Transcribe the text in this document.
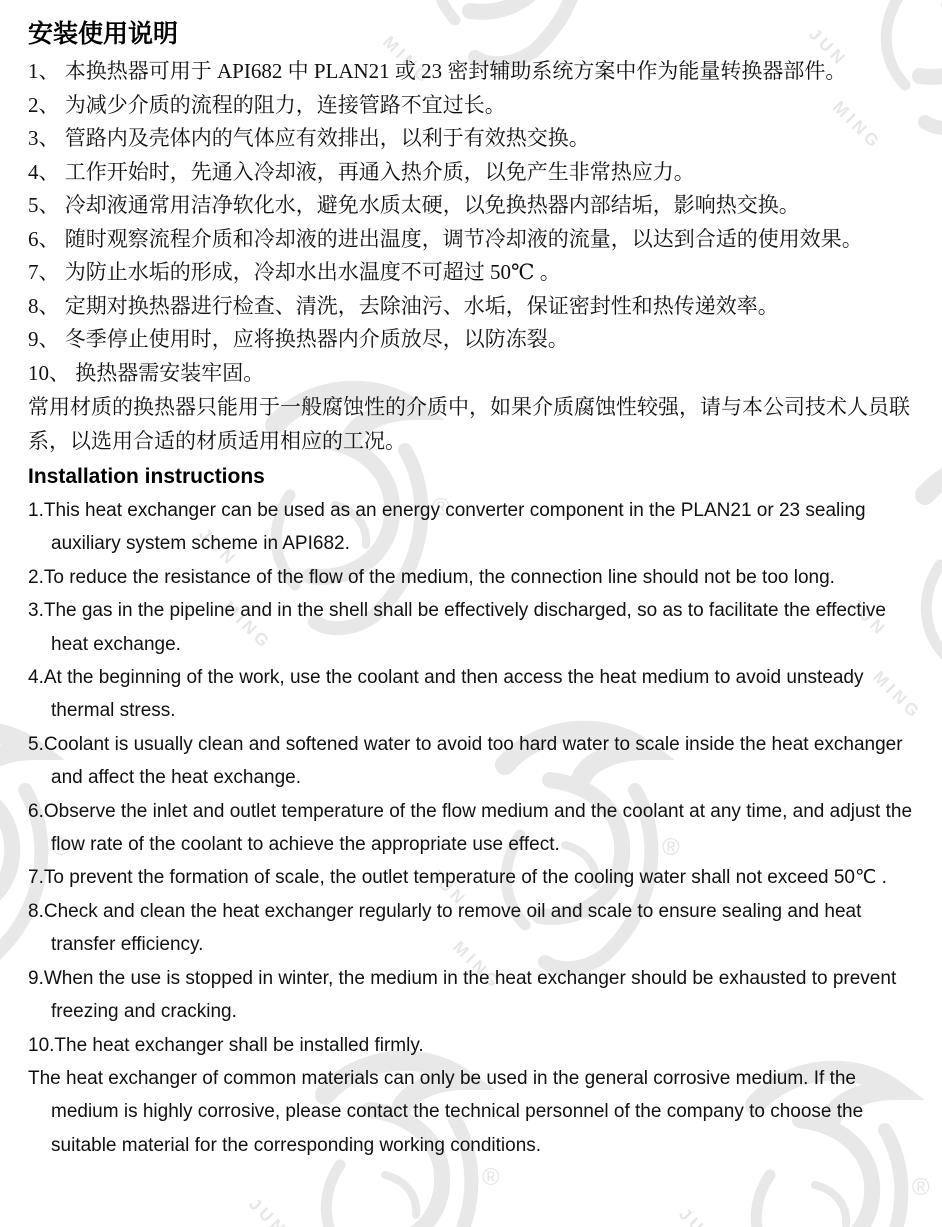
安装使用说明
1、 本换热器可用于 API682 中 PLAN21 或 23 密封辅助系统方案中作为能量转换器部件。
2、 为减少介质的流程的阻力，连接管路不宜过长。
3、 管路内及壳体内的气体应有效排出，以利于有效热交换。
4、 工作开始时，先通入冷却液，再通入热介质，以免产生非常热应力。
5、 冷却液通常用洁净软化水，避免水质太硬，以免换热器内部结垢，影响热交换。
6、 随时观察流程介质和冷却液的进出温度，调节冷却液的流量，以达到合适的使用效果。
7、 为防止水垢的形成，冷却水出水温度不可超过 50℃ 。
8、 定期对换热器进行检查、清洗，去除油污、水垢，保证密封性和热传递效率。
9、 冬季停止使用时，应将换热器内介质放尽，以防冻裂。
10、 换热器需安装牢固。
常用材质的换热器只能用于一般腐蚀性的介质中，如果介质腐蚀性较强，请与本公司技术人员联系，以选用合适的材质适用相应的工况。
Installation instructions
1.This heat exchanger can be used as an energy converter component in the PLAN21 or 23 sealing auxiliary system scheme in API682.
2.To reduce the resistance of the flow of the medium, the connection line should not be too long.
3.The gas in the pipeline and in the shell shall be effectively discharged, so as to facilitate the effective heat exchange.
4.At the beginning of the work, use the coolant and then access the heat medium to avoid unsteady thermal stress.
5.Coolant is usually clean and softened water to avoid too hard water to scale inside the heat exchanger and affect the heat exchange.
6.Observe the inlet and outlet temperature of the flow medium and the coolant at any time, and adjust the flow rate of the coolant to achieve the appropriate use effect.
7.To prevent the formation of scale, the outlet temperature of the cooling water shall not exceed 50℃ .
8.Check and clean the heat exchanger regularly to remove oil and scale to ensure sealing and heat transfer efficiency.
9.When the use is stopped in winter, the medium in the heat exchanger should be exhausted to prevent freezing and cracking.
10.The heat exchanger shall be installed firmly.
The heat exchanger of common materials can only be used in the general corrosive medium. If the medium is highly corrosive, please contact the technical personnel of the company to choose the suitable material for the corresponding working conditions.
